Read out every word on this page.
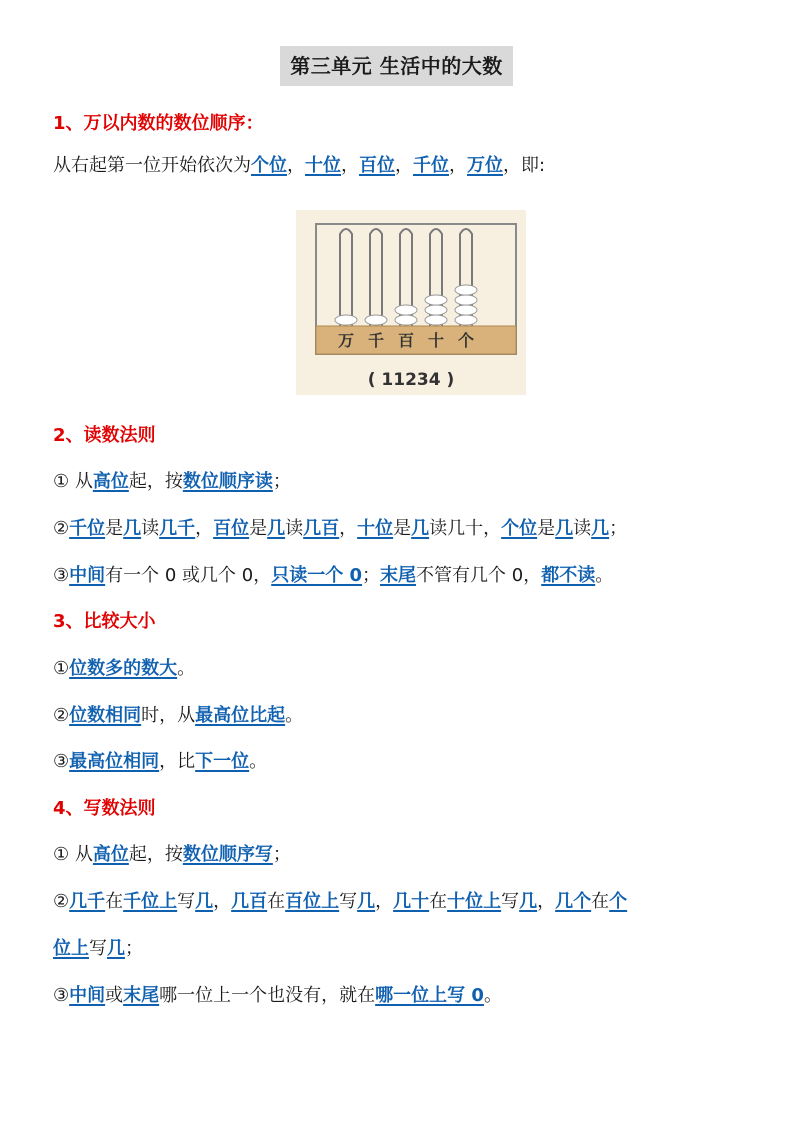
第三单元 生活中的大数
1、万以内数的数位顺序：
从右起第一位开始依次为个位，十位，百位，千位，万位，即:
万 千 百 十 个
( 11234 )
2、读数法则
① 从高位起，按数位顺序读；
②千位是几读几千，百位是几读几百，十位是几读几十，个位是几读几；
③中间有一个 0 或几个 0，只读一个 0；末尾不管有几个 0，都不读。
3、比较大小
①位数多的数大。
②位数相同时，从最高位比起。
③最高位相同，比下一位。
4、写数法则
① 从高位起，按数位顺序写；
②几千在千位上写几，几百在百位上写几，几十在十位上写几，几个在个
位上写几；
③中间或末尾哪一位上一个也没有，就在哪一位上写 0。
